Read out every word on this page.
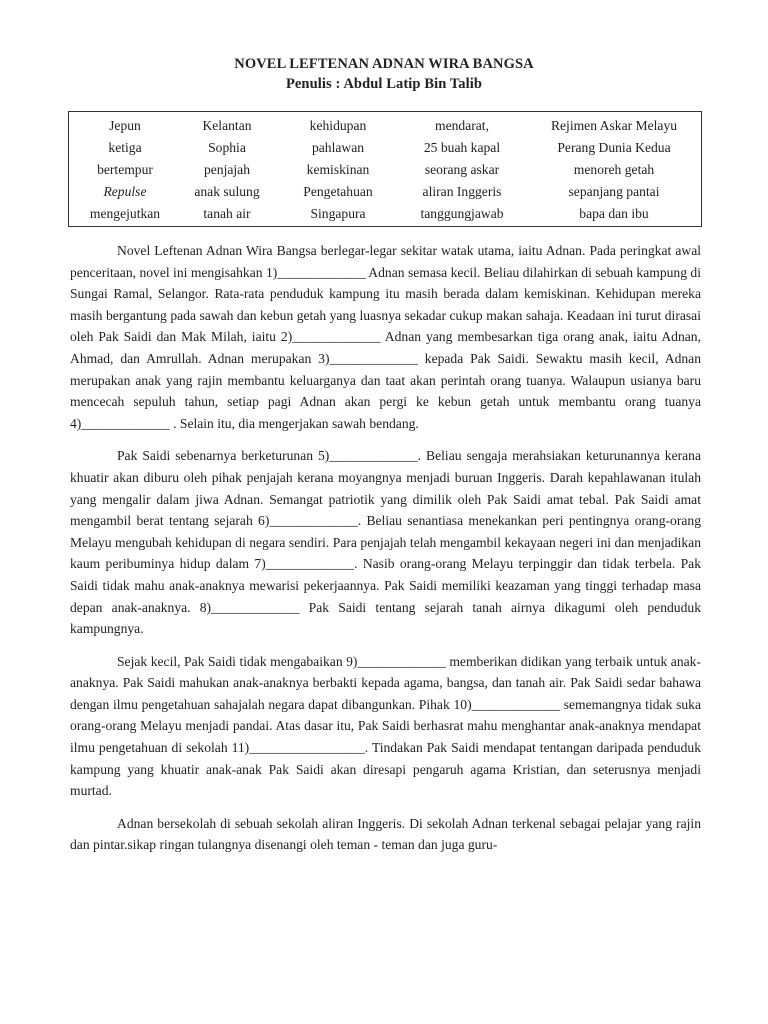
NOVEL LEFTENAN ADNAN WIRA BANGSA
Penulis : Abdul Latip Bin Talib
Jepun
ketiga
bertempur
Repulse
mengejutkan
Kelantan
Sophia
penjajah
anak sulung
tanah air
kehidupan
pahlawan
kemiskinan
Pengetahuan
Singapura
mendarat,
25 buah kapal
seorang askar
aliran Inggeris
tanggungjawab
Rejimen Askar Melayu
Perang Dunia Kedua
menoreh getah
sepanjang pantai
bapa dan ibu

Novel Leftenan Adnan Wira Bangsa berlegar-legar sekitar watak utama, iaitu Adnan. Pada peringkat awal penceritaan, novel ini mengisahkan 1)_____________ Adnan semasa kecil. Beliau dilahirkan di sebuah kampung di Sungai Ramal, Selangor. Rata-rata penduduk kampung itu masih berada dalam kemiskinan. Kehidupan mereka masih bergantung pada sawah dan kebun getah yang luasnya sekadar cukup makan sahaja. Keadaan ini turut dirasai oleh Pak Saidi dan Mak Milah, iaitu 2)_____________ Adnan yang membesarkan tiga orang anak, iaitu Adnan, Ahmad, dan Amrullah. Adnan merupakan 3)_____________ kepada Pak Saidi. Sewaktu masih kecil, Adnan merupakan anak yang rajin membantu keluarganya dan taat akan perintah orang tuanya. Walaupun usianya baru mencecah sepuluh tahun, setiap pagi Adnan akan pergi ke kebun getah untuk membantu orang tuanya 4)_____________ . Selain itu, dia mengerjakan sawah bendang.

Pak Saidi sebenarnya berketurunan 5)_____________. Beliau sengaja merahsiakan keturunannya kerana khuatir akan diburu oleh pihak penjajah kerana moyangnya menjadi buruan Inggeris. Darah kepahlawanan itulah yang mengalir dalam jiwa Adnan. Semangat patriotik yang dimilik oleh Pak Saidi amat tebal. Pak Saidi amat mengambil berat tentang sejarah 6)_____________. Beliau senantiasa menekankan peri pentingnya orang-orang Melayu mengubah kehidupan di negara sendiri. Para penjajah telah mengambil kekayaan negeri ini dan menjadikan kaum peribuminya hidup dalam 7)_____________. Nasib orang-orang Melayu terpinggir dan tidak terbela. Pak Saidi tidak mahu anak-anaknya mewarisi pekerjaannya. Pak Saidi memiliki keazaman yang tinggi terhadap masa depan anak-anaknya. 8)_____________ Pak Saidi tentang sejarah tanah airnya dikagumi oleh penduduk kampungnya.

Sejak kecil, Pak Saidi tidak mengabaikan 9)_____________ memberikan didikan yang terbaik untuk anak-anaknya. Pak Saidi mahukan anak-anaknya berbakti kepada agama, bangsa, dan tanah air. Pak Saidi sedar bahawa dengan ilmu pengetahuan sahajalah negara dapat dibangunkan. Pihak 10)_____________ sememangnya tidak suka orang-orang Melayu menjadi pandai. Atas dasar itu, Pak Saidi berhasrat mahu menghantar anak-anaknya mendapat ilmu pengetahuan di sekolah 11)_________________. Tindakan Pak Saidi mendapat tentangan daripada penduduk kampung yang khuatir anak-anak Pak Saidi akan diresapi pengaruh agama Kristian, dan seterusnya menjadi murtad.

Adnan bersekolah di sebuah sekolah aliran Inggeris. Di sekolah Adnan terkenal sebagai pelajar yang rajin dan pintar.sikap ringan tulangnya disenangi oleh teman - teman dan juga guru-
